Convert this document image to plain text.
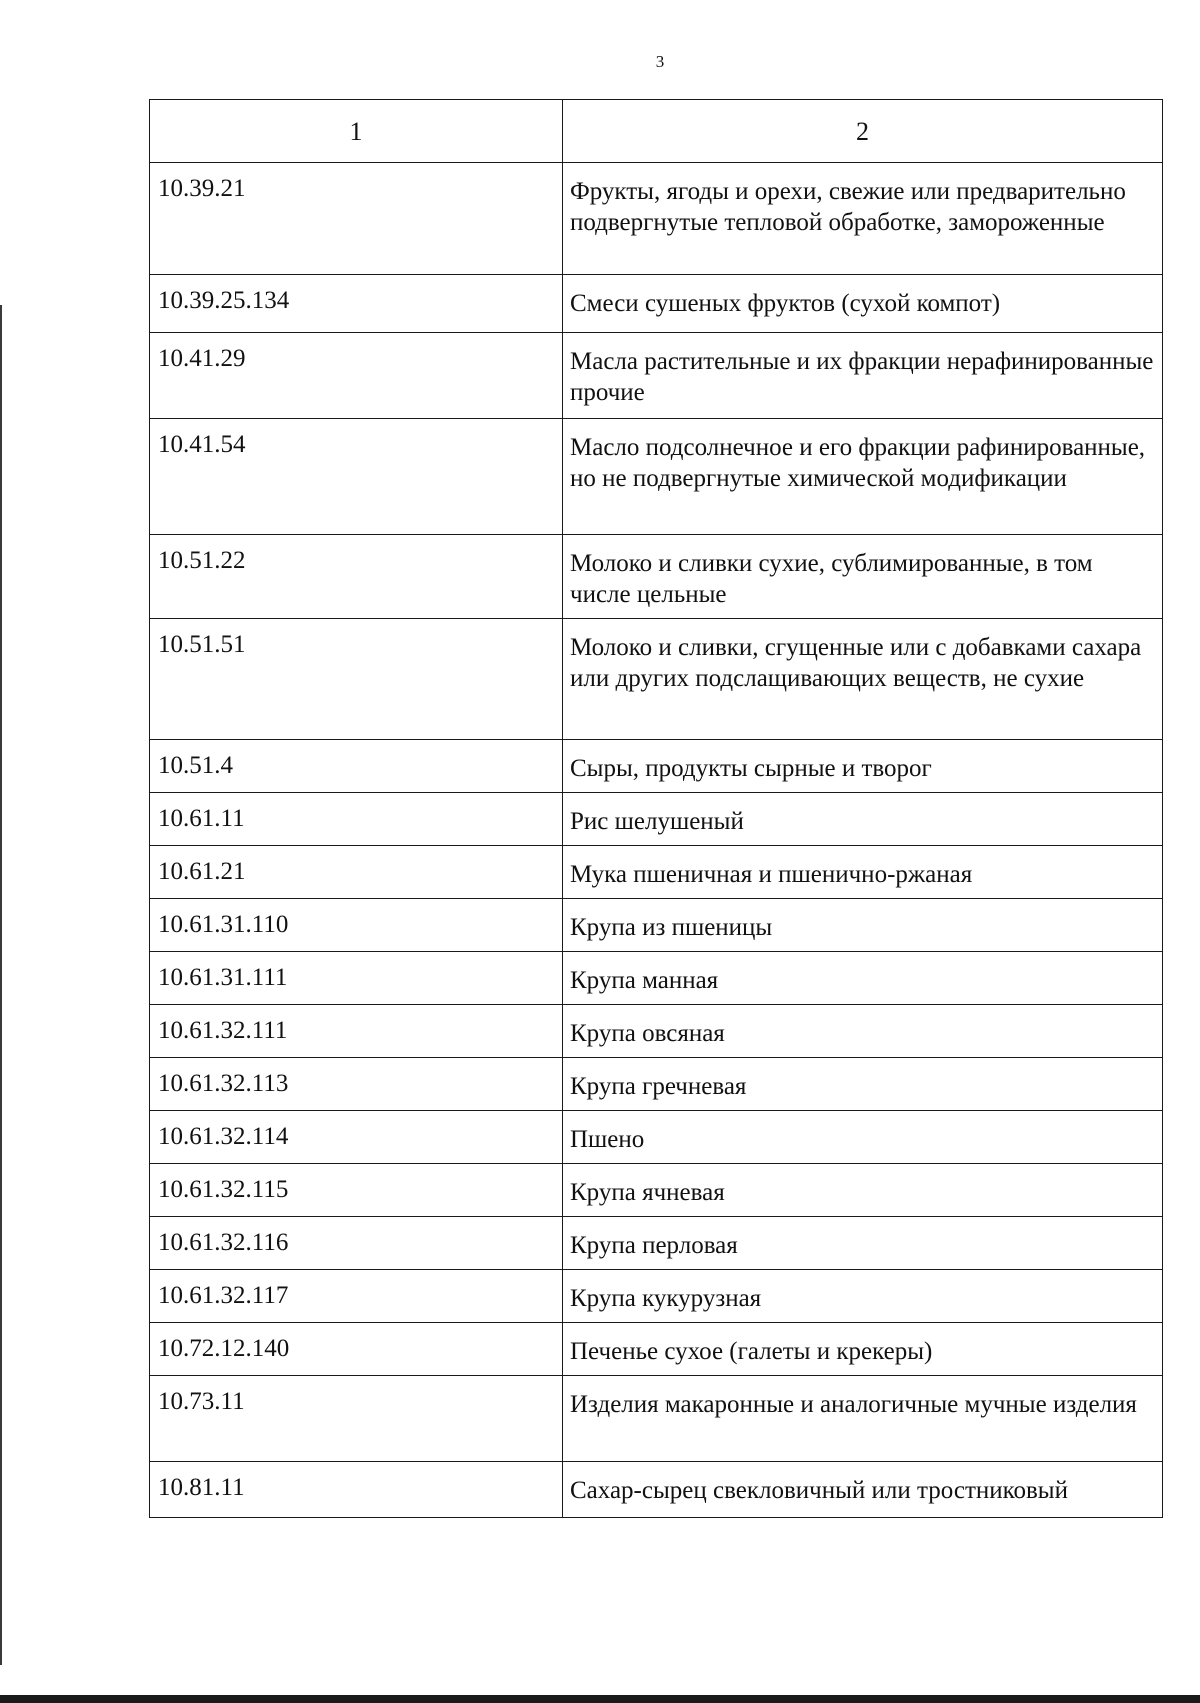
3
1	2
10.39.21	Фрукты, ягоды и орехи, свежие или предварительно подвергнутые тепловой обработке, замороженные
10.39.25.134	Смеси сушеных фруктов (сухой компот)
10.41.29	Масла растительные и их фракции нерафинированные прочие
10.41.54	Масло подсолнечное и его фракции рафинированные, но не подвергнутые химической модификации
10.51.22	Молоко и сливки сухие, сублимированные, в том числе цельные
10.51.51	Молоко и сливки, сгущенные или с добавками сахара или других подслащивающих веществ, не сухие
10.51.4	Сыры, продукты сырные и творог
10.61.11	Рис шелушеный
10.61.21	Мука пшеничная и пшенично-ржаная
10.61.31.110	Крупа из пшеницы
10.61.31.111	Крупа манная
10.61.32.111	Крупа овсяная
10.61.32.113	Крупа гречневая
10.61.32.114	Пшено
10.61.32.115	Крупа ячневая
10.61.32.116	Крупа перловая
10.61.32.117	Крупа кукурузная
10.72.12.140	Печенье сухое (галеты и крекеры)
10.73.11	Изделия макаронные и аналогичные мучные изделия
10.81.11	Сахар-сырец свекловичный или тростниковый
